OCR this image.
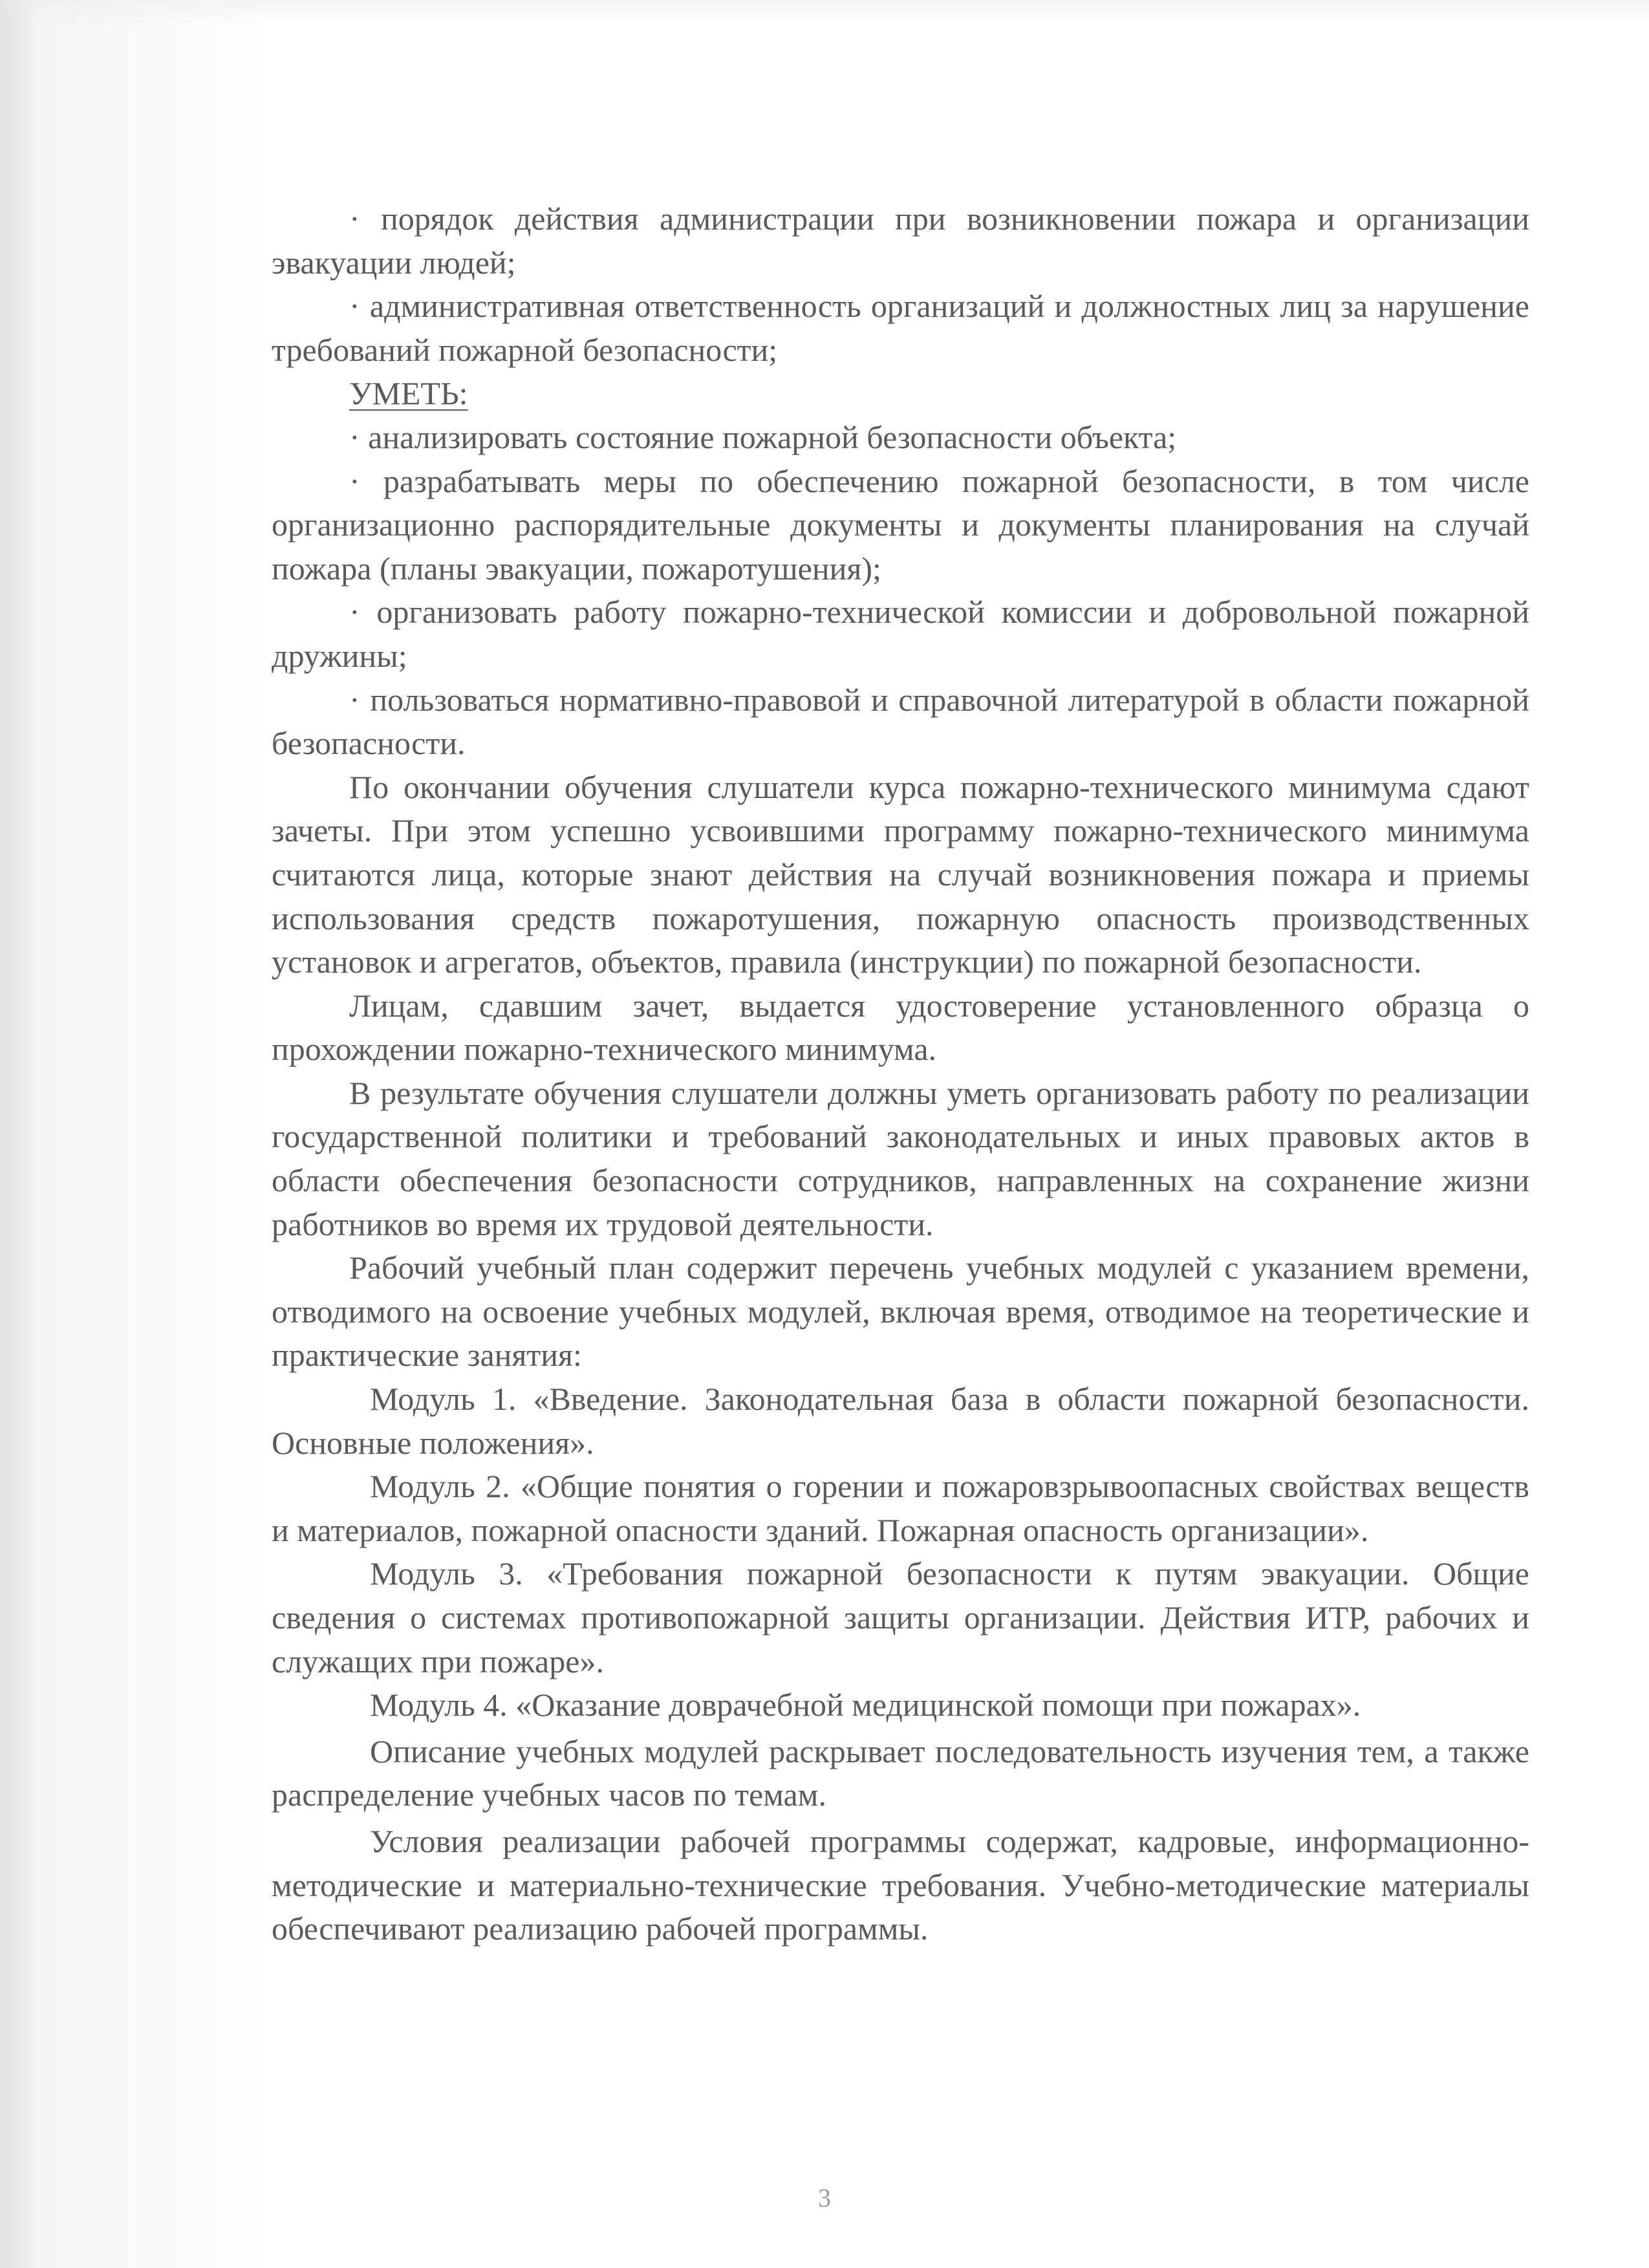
· порядок действия администрации при возникновении пожара и организации эвакуации людей;

· административная ответственность организаций и должностных лиц за нарушение требований пожарной безопасности;

УМЕТЬ:

· анализировать состояние пожарной безопасности объекта;

· разрабатывать меры по обеспечению пожарной безопасности, в том числе организационно распорядительные документы и документы планирования на случай пожара (планы эвакуации, пожаротушения);

· организовать работу пожарно-технической комиссии и добровольной пожарной дружины;

· пользоваться нормативно-правовой и справочной литературой в области пожарной безопасности.

По окончании обучения слушатели курса пожарно-технического минимума сдают зачеты. При этом успешно усвоившими программу пожарно-технического минимума считаются лица, которые знают действия на случай возникновения пожара и приемы использования средств пожаротушения, пожарную опасность производственных установок и агрегатов, объектов, правила (инструкции) по пожарной безопасности.

Лицам, сдавшим зачет, выдается удостоверение установленного образца о прохождении пожарно-технического минимума.

В результате обучения слушатели должны уметь организовать работу по реализации государственной политики и требований законодательных и иных правовых актов в области обеспечения безопасности сотрудников, направленных на сохранение жизни работников во время их трудовой деятельности.

Рабочий учебный план содержит перечень учебных модулей с указанием времени, отводимого на освоение учебных модулей, включая время, отводимое на теоретические и практические занятия:

Модуль 1. «Введение. Законодательная база в области пожарной безопасности. Основные положения».

Модуль 2. «Общие понятия о горении и пожаровзрывоопасных свойствах веществ и материалов, пожарной опасности зданий. Пожарная опасность организации».

Модуль 3. «Требования пожарной безопасности к путям эвакуации. Общие сведения о системах противопожарной защиты организации. Действия ИТР, рабочих и служащих при пожаре».

Модуль 4. «Оказание доврачебной медицинской помощи при пожарах».

Описание учебных модулей раскрывает последовательность изучения тем, а также распределение учебных часов по темам.

Условия реализации рабочей программы содержат, кадровые, информационно-методические и материально-технические требования. Учебно-методические материалы обеспечивают реализацию рабочей программы.

3
